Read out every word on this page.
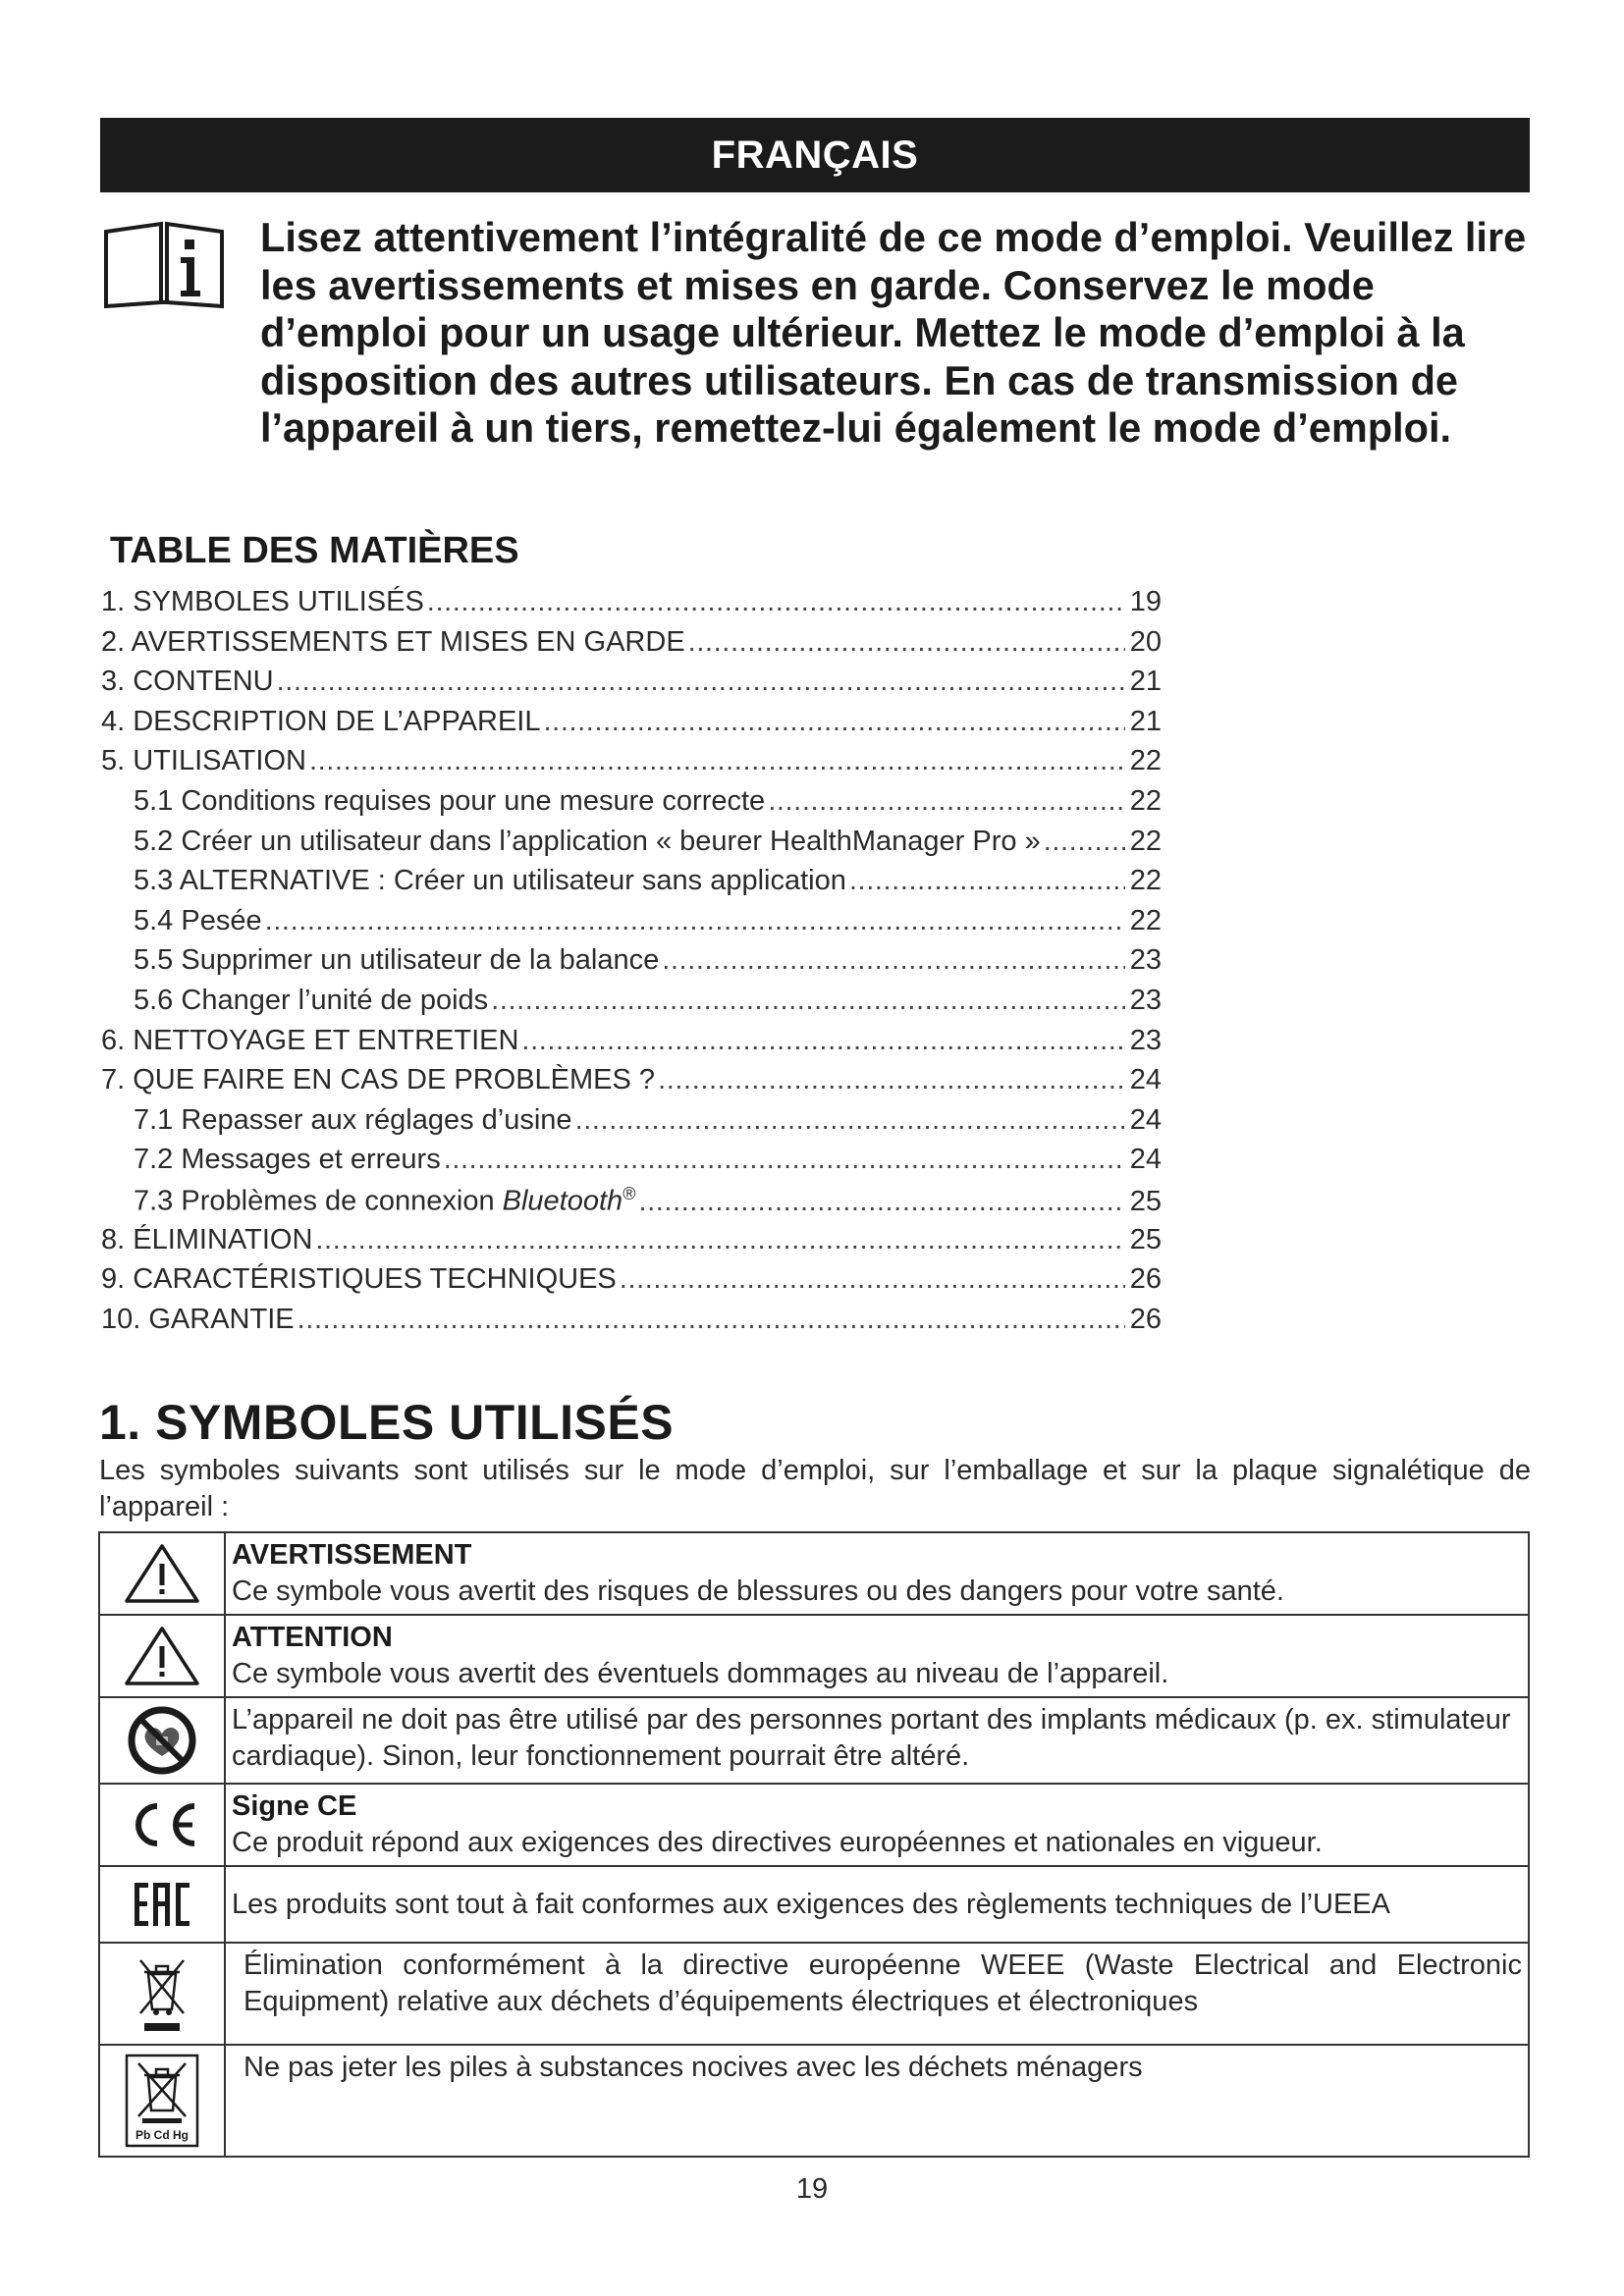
FRANÇAIS
Lisez attentivement l’intégralité de ce mode d’emploi. Veuillez lire les avertissements et mises en garde. Conservez le mode d’emploi pour un usage ultérieur. Mettez le mode d’emploi à la disposition des autres utilisateurs. En cas de transmission de l’appareil à un tiers, remettez-lui également le mode d’emploi.
TABLE DES MATIÈRES
1. SYMBOLES UTILISÉS .....	19
2. AVERTISSEMENTS ET MISES EN GARDE .....	20
3. CONTENU .....	21
4. DESCRIPTION DE L’APPAREIL .....	21
5. UTILISATION .....	22
5.1 Conditions requises pour une mesure correcte .....	22
5.2 Créer un utilisateur dans l’application « beurer HealthManager Pro » .....	22
5.3 ALTERNATIVE : Créer un utilisateur sans application .....	22
5.4 Pesée .....	22
5.5 Supprimer un utilisateur de la balance .....	23
5.6 Changer l’unité de poids .....	23
6. NETTOYAGE ET ENTRETIEN .....	23
7. QUE FAIRE EN CAS DE PROBLÈMES ? .....	24
7.1 Repasser aux réglages d’usine .....	24
7.2 Messages et erreurs .....	24
7.3 Problèmes de connexion Bluetooth® .....	25
8. ÉLIMINATION .....	25
9. CARACTÉRISTIQUES TECHNIQUES .....	26
10. GARANTIE .....	26
1. SYMBOLES UTILISÉS
Les symboles suivants sont utilisés sur le mode d’emploi, sur l’emballage et sur la plaque signalétique de l’appareil :

AVERTISSEMENT
Ce symbole vous avertit des risques de blessures ou des dangers pour votre santé.

ATTENTION
Ce symbole vous avertit des éventuels dommages au niveau de l’appareil.

L’appareil ne doit pas être utilisé par des personnes portant des implants médicaux (p. ex. stimulateur cardiaque). Sinon, leur fonctionnement pourrait être altéré.

Signe CE
Ce produit répond aux exigences des directives européennes et nationales en vigueur.

Les produits sont tout à fait conformes aux exigences des règlements techniques de l’UEEA

Élimination conformément à la directive européenne WEEE (Waste Electrical and Electronic Equipment) relative aux déchets d’équipements électriques et électroniques

Pb Cd Hg	Ne pas jeter les piles à substances nocives avec les déchets ménagers
19
